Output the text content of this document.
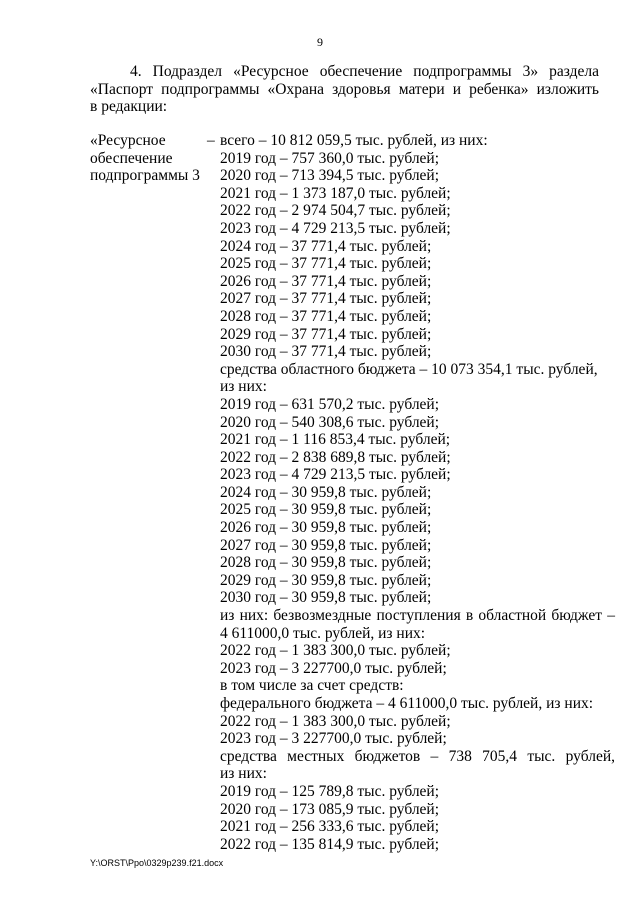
9
4. Подраздел «Ресурсное обеспечение подпрограммы 3» раздела
«Паспорт подпрограммы «Охрана здоровья матери и ребенка» изложить
в редакции:
«Ресурсное
обеспечение
подпрограммы 3
– всего – 10 812 059,5 тыс. рублей, из них:
2019 год – 757 360,0 тыс. рублей;
2020 год – 713 394,5 тыс. рублей;
2021 год – 1 373 187,0 тыс. рублей;
2022 год – 2 974 504,7 тыс. рублей;
2023 год – 4 729 213,5 тыс. рублей;
2024 год – 37 771,4 тыс. рублей;
2025 год – 37 771,4 тыс. рублей;
2026 год – 37 771,4 тыс. рублей;
2027 год – 37 771,4 тыс. рублей;
2028 год – 37 771,4 тыс. рублей;
2029 год – 37 771,4 тыс. рублей;
2030 год – 37 771,4 тыс. рублей;
средства областного бюджета – 10 073 354,1 тыс. рублей,
из них:
2019 год – 631 570,2 тыс. рублей;
2020 год – 540 308,6 тыс. рублей;
2021 год – 1 116 853,4 тыс. рублей;
2022 год – 2 838 689,8 тыс. рублей;
2023 год – 4 729 213,5 тыс. рублей;
2024 год – 30 959,8 тыс. рублей;
2025 год – 30 959,8 тыс. рублей;
2026 год – 30 959,8 тыс. рублей;
2027 год – 30 959,8 тыс. рублей;
2028 год – 30 959,8 тыс. рублей;
2029 год – 30 959,8 тыс. рублей;
2030 год – 30 959,8 тыс. рублей;
из них: безвозмездные поступления в областной бюджет –
4 611000,0 тыс. рублей, из них:
2022 год – 1 383 300,0 тыс. рублей;
2023 год – 3 227700,0 тыс. рублей;
в том числе за счет средств:
федерального бюджета – 4 611000,0 тыс. рублей, из них:
2022 год – 1 383 300,0 тыс. рублей;
2023 год – 3 227700,0 тыс. рублей;
средства местных бюджетов – 738 705,4 тыс. рублей,
из них:
2019 год – 125 789,8 тыс. рублей;
2020 год – 173 085,9 тыс. рублей;
2021 год – 256 333,6 тыс. рублей;
2022 год – 135 814,9 тыс. рублей;
Y:\ORST\Ppo\0329p239.f21.docx
